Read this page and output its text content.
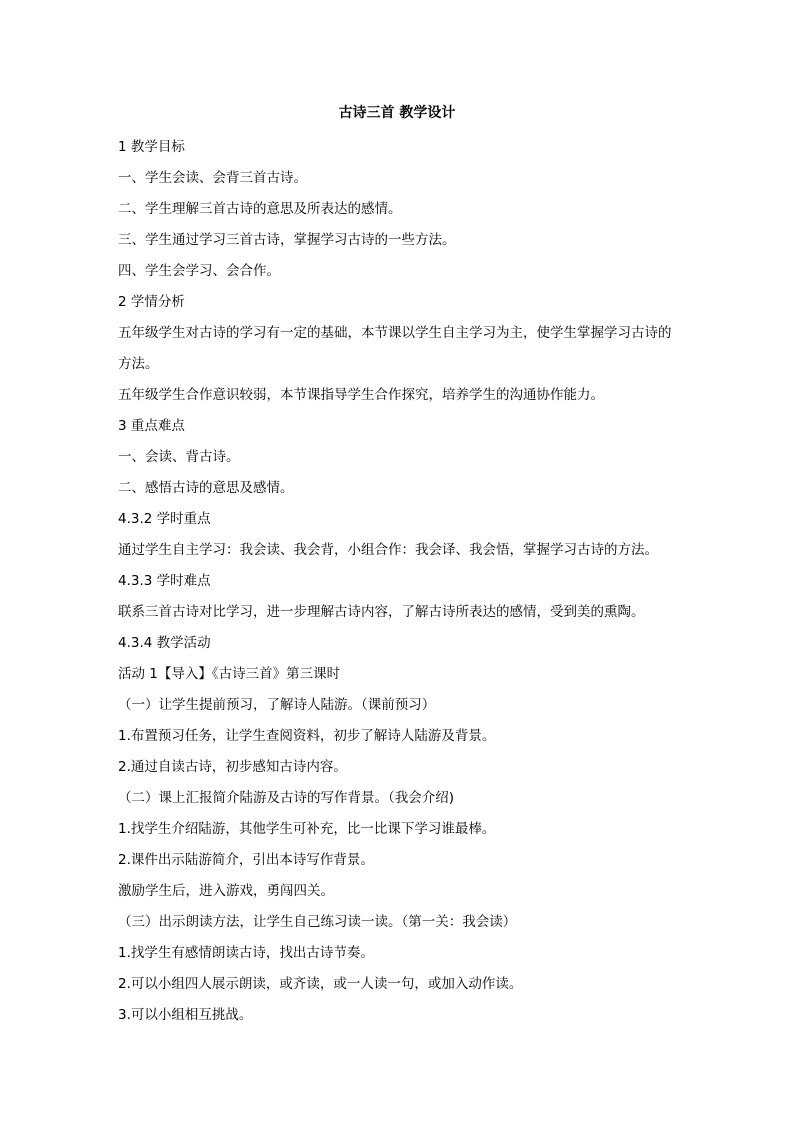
古诗三首 教学设计
1 教学目标
一、学生会读、会背三首古诗。
二、学生理解三首古诗的意思及所表达的感情。
三、学生通过学习三首古诗，掌握学习古诗的一些方法。
四、学生会学习、会合作。
2 学情分析
五年级学生对古诗的学习有一定的基础，本节课以学生自主学习为主，使学生掌握学习古诗的方法。
五年级学生合作意识较弱，本节课指导学生合作探究，培养学生的沟通协作能力。
3 重点难点
一、会读、背古诗。
二、感悟古诗的意思及感情。
4.3.2 学时重点
通过学生自主学习：我会读、我会背，小组合作：我会译、我会悟，掌握学习古诗的方法。
4.3.3 学时难点
联系三首古诗对比学习，进一步理解古诗内容，了解古诗所表达的感情，受到美的熏陶。
4.3.4 教学活动
活动 1【导入】《古诗三首》第三课时
（一）让学生提前预习，了解诗人陆游。（课前预习）
1.布置预习任务，让学生查阅资料，初步了解诗人陆游及背景。
2.通过自读古诗，初步感知古诗内容。
（二）课上汇报简介陆游及古诗的写作背景。（我会介绍)
1.找学生介绍陆游，其他学生可补充，比一比课下学习谁最棒。
2.课件出示陆游简介，引出本诗写作背景。
激励学生后，进入游戏，勇闯四关。
（三）出示朗读方法，让学生自己练习读一读。（第一关：我会读）
1.找学生有感情朗读古诗，找出古诗节奏。
2.可以小组四人展示朗读，或齐读，或一人读一句，或加入动作读。
3.可以小组相互挑战。
